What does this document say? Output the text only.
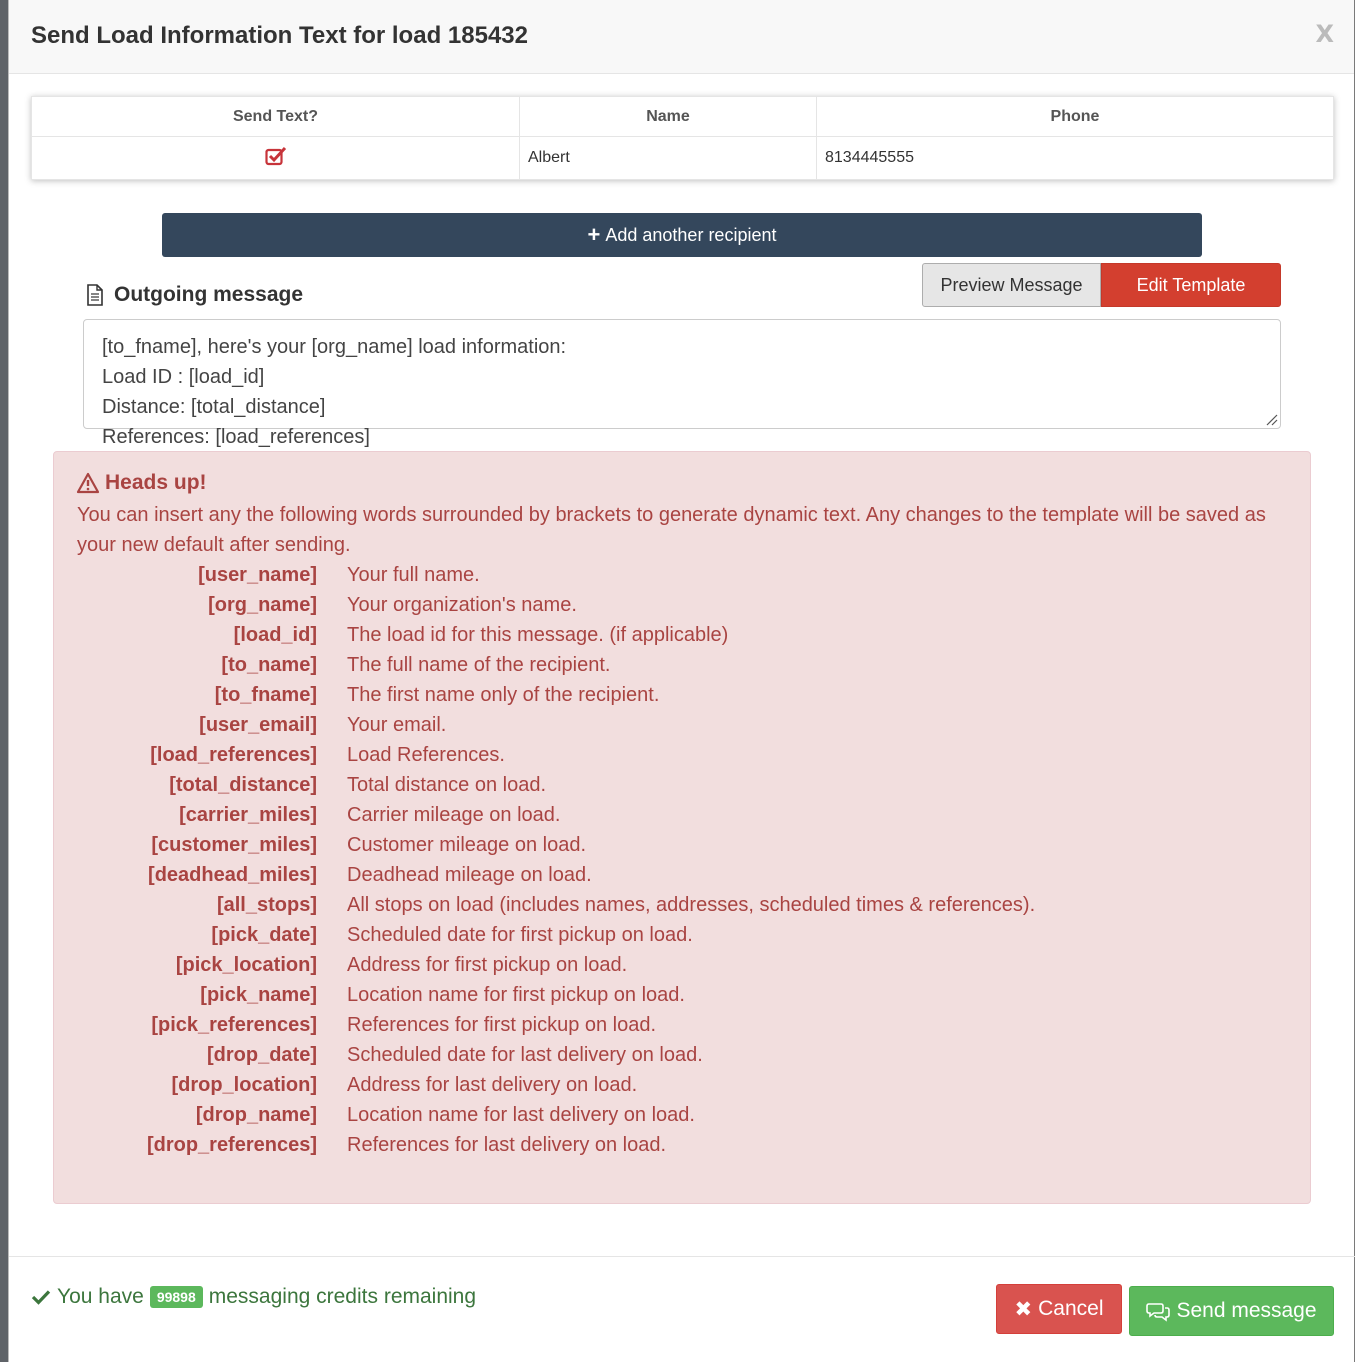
Send Load Information Text for load 185432	X
Send Text?	Name	Phone
	Albert	8134445555
+ Add another recipient
Outgoing message	Preview Message	Edit Template
[to_fname], here's your [org_name] load information:
Load ID : [load_id]
Distance: [total_distance]
References: [load_references]
Heads up!
You can insert any the following words surrounded by brackets to generate dynamic text. Any changes to the template will be saved as your new default after sending.
[user_name] Your full name.
[org_name] Your organization's name.
[load_id] The load id for this message. (if applicable)
[to_name] The full name of the recipient.
[to_fname] The first name only of the recipient.
[user_email] Your email.
[load_references] Load References.
[total_distance] Total distance on load.
[carrier_miles] Carrier mileage on load.
[customer_miles] Customer mileage on load.
[deadhead_miles] Deadhead mileage on load.
[all_stops] All stops on load (includes names, addresses, scheduled times & references).
[pick_date] Scheduled date for first pickup on load.
[pick_location] Address for first pickup on load.
[pick_name] Location name for first pickup on load.
[pick_references] References for first pickup on load.
[drop_date] Scheduled date for last delivery on load.
[drop_location] Address for last delivery on load.
[drop_name] Location name for last delivery on load.
[drop_references] References for last delivery on load.
You have 99898 messaging credits remaining
✖ Cancel	Send message
